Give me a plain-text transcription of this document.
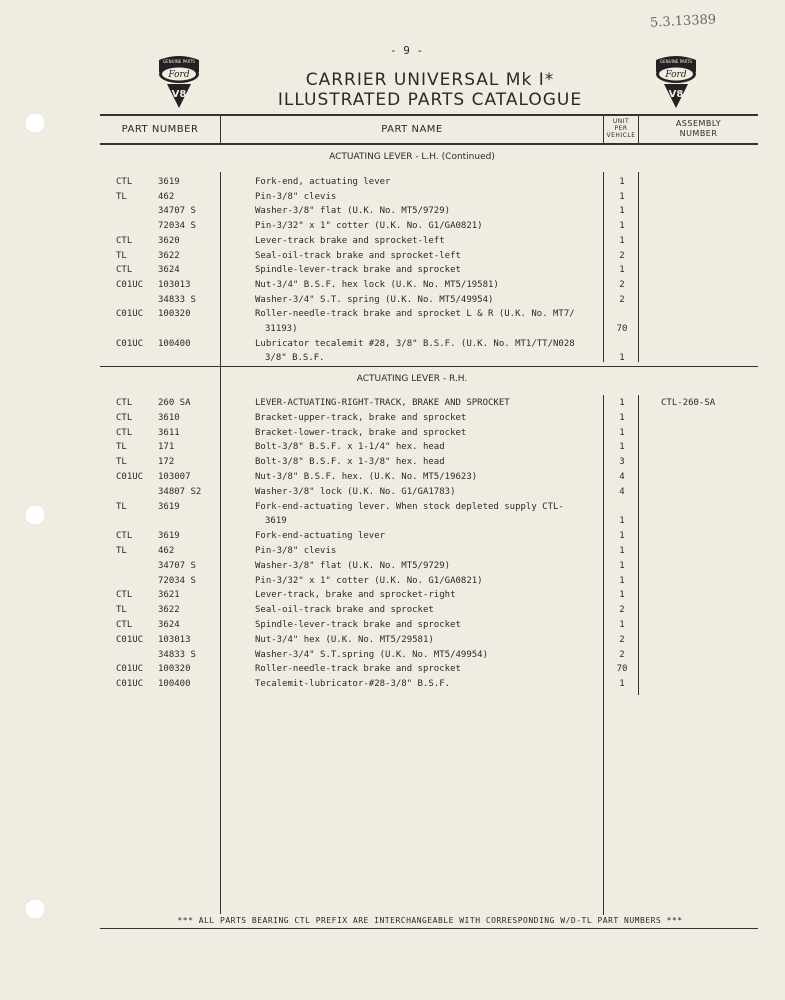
5.3.13389
- 9 -
Ford
GENUINE PARTS
V8
Ford
GENUINE PARTS
V8
CARRIER UNIVERSAL Mk I*
ILLUSTRATED PARTS CATALOGUE
PART NUMBER	PART NAME
UNIT
PER
VEHICLE
ASSEMBLY
NUMBER
ACTUATING LEVER - L.H. (Continued)
ACTUATING LEVER - R.H.
CTL	3619	Fork-end, actuating lever	1
TL	462	Pin-3/8" clevis	1
34707 S	Washer-3/8" flat (U.K. No. MT5/9729)	1
72034 S	Pin-3/32" x 1" cotter (U.K. No. G1/GA0821)	1
CTL	3620	Lever-track brake and sprocket-left	1
TL	3622	Seal-oil-track brake and sprocket-left	2
CTL	3624	Spindle-lever-track brake and sprocket	1
C01UC 103013	Nut-3/4" B.S.F. hex lock (U.K. No. MT5/19581)	2
34833 S	Washer-3/4" S.T. spring (U.K. No. MT5/49954)	2
C01UC 100320	Roller-needle-track brake and sprocket L & R (U.K. No. MT7/
31193)	70
C01UC 100400	Lubricator tecalemit #28, 3/8" B.S.F. (U.K. No. MT1/TT/N028
3/8" B.S.F.	1
CTL	260 SA	LEVER-ACTUATING-RIGHT-TRACK, BRAKE AND SPROCKET	1	CTL-260-SA
CTL	3610	Bracket-upper-track, brake and sprocket	1
CTL	3611	Bracket-lower-track, brake and sprocket	1
TL	171	Bolt-3/8" B.S.F. x 1-1/4" hex. head	1
TL	172	Bolt-3/8" B.S.F. x 1-3/8" hex. head	3
C01UC 103007	Nut-3/8" B.S.F. hex. (U.K. No. MT5/19623)	4
34807 S2	Washer-3/8" lock (U.K. No. G1/GA1783)	4
TL	3619	Fork-end-actuating lever. When stock depleted supply CTL-
3619	1
CTL	3619	Fork-end-actuating lever	1
TL	462	Pin-3/8" clevis	1
34707 S	Washer-3/8" flat (U.K. No. MT5/9729)	1
72034 S	Pin-3/32" x 1" cotter (U.K. No. G1/GA0821)	1
CTL	3621	Lever-track, brake and sprocket-right	1
TL	3622	Seal-oil-track brake and sprocket	2
CTL	3624	Spindle-lever-track brake and sprocket	1
C01UC 103013	Nut-3/4" hex (U.K. No. MT5/29581)	2
34833 S	Washer-3/4" S.T.spring (U.K. No. MT5/49954)	2
C01UC 100320	Roller-needle-track brake and sprocket	70
C01UC 100400	Tecalemit-lubricator-#28-3/8" B.S.F.	1
*** ALL PARTS BEARING CTL PREFIX ARE INTERCHANGEABLE WITH CORRESPONDING W/D-TL PART NUMBERS ***
